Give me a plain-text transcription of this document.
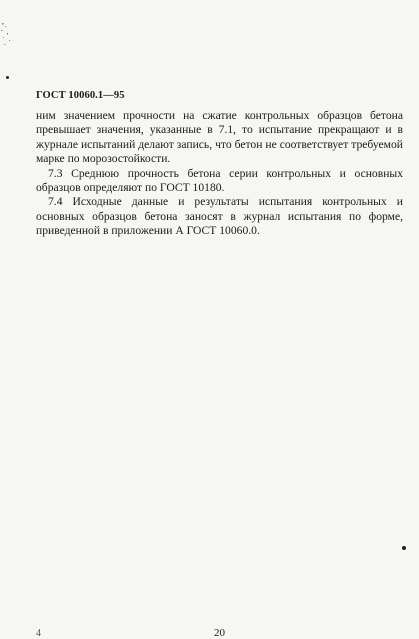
ГОСТ 10060.1—95

ним значением прочности на сжатие контрольных образцов бетона превышает значения, указанные в 7.1, то испытание прекращают и в журнале испытаний делают запись, что бетон не соответствует требуемой марке по морозостойкости.

7.3 Среднюю прочность бетона серии контрольных и основных образцов определяют по ГОСТ 10180.

7.4 Исходные данные и результаты испытания контрольных и основных образцов бетона заносят в журнал испытания по форме, приведенной в приложении А ГОСТ 10060.0.

4	20
